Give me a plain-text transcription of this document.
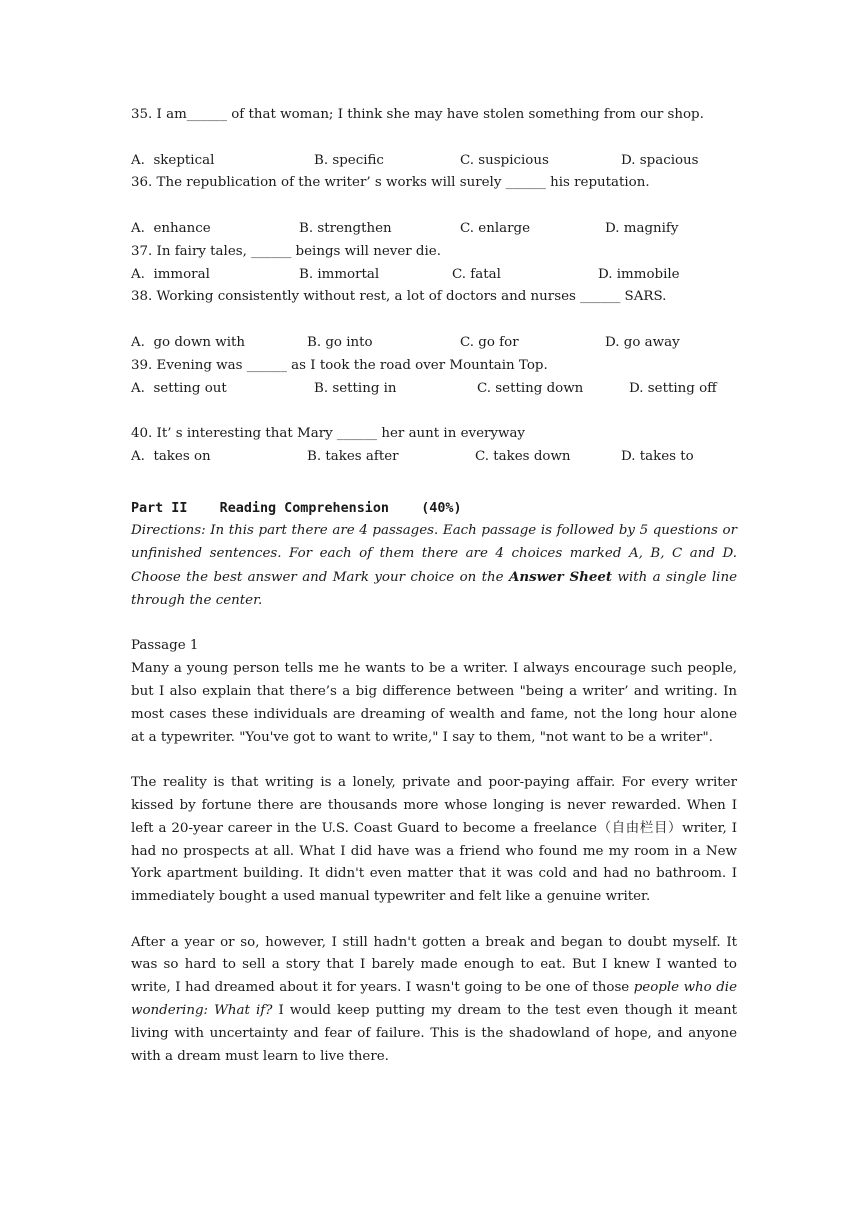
35. I am______ of that woman; I think she may have stolen something from our shop.

A.  skeptical

	B. specific

	C. suspicious

	D. spacious

36. The republication of the writer’ s works will surely ______ his reputation.

A.  enhance

	B. strengthen

	C. enlarge

	D. magnify

37. In fairy tales, ______ beings will never die.

A.  immoral

	B. immortal

	C. fatal

	D. immobile

38. Working consistently without rest, a lot of doctors and nurses ______ SARS.

A.  go down with

	B. go into

	C. go for

	D. go away

39. Evening was ______ as I took the road over Mountain Top.

A.  setting out

	B. setting in

	C. setting down

	D. setting off

40. It’ s interesting that Mary ______ her aunt in everyway

A.  takes on

	B. takes after

	C. takes down

	D. takes to

Part II    Reading Comprehension    (40%)

Directions: In this part there are 4 passages. Each passage is followed by 5 questions or unfinished sentences. For each of them there are 4 choices marked A, B, C and D. Choose the best answer and Mark your choice on the Answer Sheet with a single line through the center.

Passage 1

Many a young person tells me he wants to be a writer. I always encourage such people, but I also explain that there’s a big difference between "being a writer’ and writing. In most cases these individuals are dreaming of wealth and fame, not the long hour alone at a typewriter. "You've got to want to write," I say to them, "not want to be a writer".

The reality is that writing is a lonely, private and poor-paying affair. For every writer kissed by fortune there are thousands more whose longing is never rewarded. When I left a 20-year career in the U.S. Coast Guard to become a freelance（自由栏目）writer, I had no prospects at all. What I did have was a friend who found me my room in a New York apartment building. It didn't even matter that it was cold and had no bathroom. I immediately bought a used manual typewriter and felt like a genuine writer.

After a year or so, however, I still hadn't gotten a break and began to doubt myself. It was so hard to sell a story that I barely made enough to eat. But I knew I wanted to write, I had dreamed about it for years. I wasn't going to be one of those people who die wondering: What if? I would keep putting my dream to the test even though it meant living with uncertainty and fear of failure. This is the shadowland of hope, and anyone with a dream must learn to live there.
